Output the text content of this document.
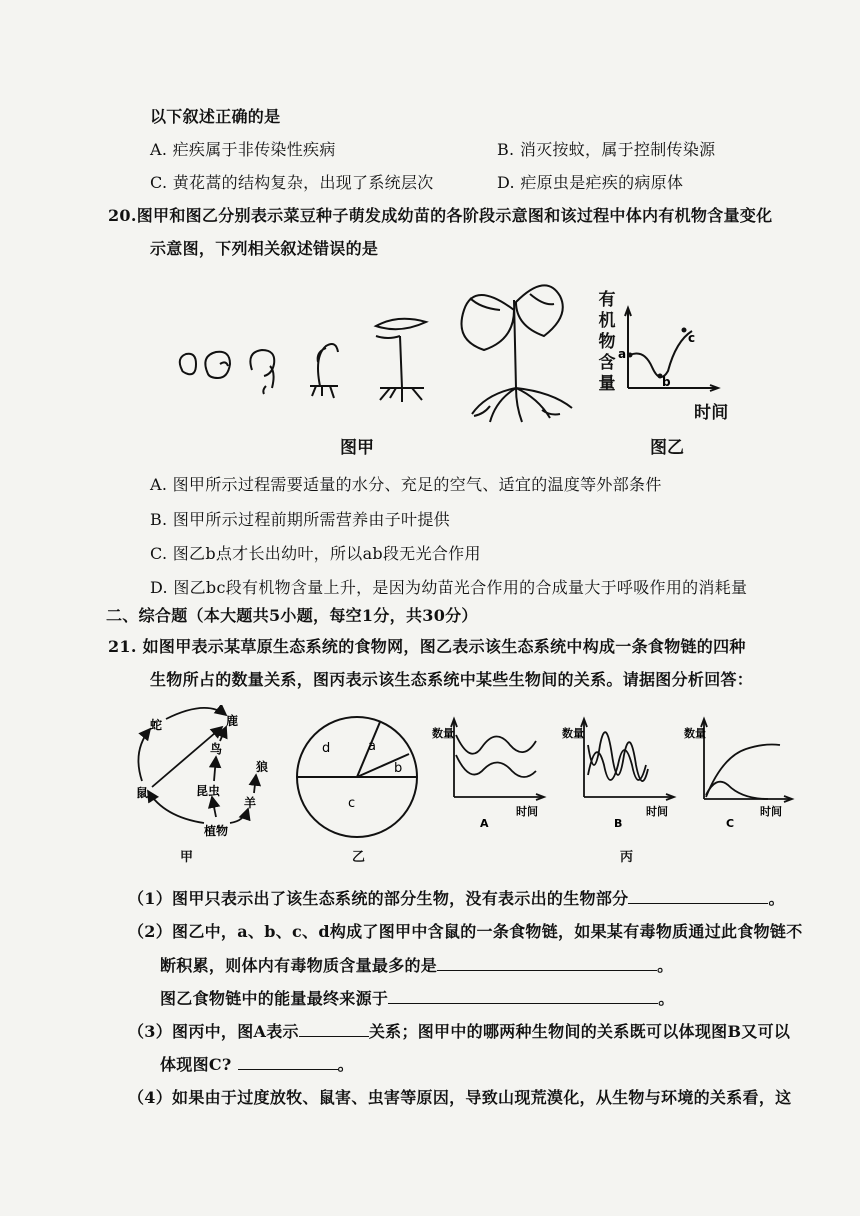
以下叙述正确的是
A. 疟疾属于非传染性疾病	B. 消灭按蚊，属于控制传染源
C. 黄花蒿的结构复杂，出现了系统层次	D. 疟原虫是疟疾的病原体
20.图甲和图乙分别表示菜豆种子萌发成幼苗的各阶段示意图和该过程中体内有机物含量变化
示意图，下列相关叙述错误的是
图甲
有
机
物
含
量
a
b
c
时间
图乙
A. 图甲所示过程需要适量的水分、充足的空气、适宜的温度等外部条件
B. 图甲所示过程前期所需营养由子叶提供
C. 图乙b点才长出幼叶，所以ab段无光合作用
D. 图乙bc段有机物含量上升，是因为幼苗光合作用的合成量大于呼吸作用的消耗量
二、综合题（本大题共5小题，每空1分，共30分）
21. 如图甲表示某草原生态系统的食物网，图乙表示该生态系统中构成一条食物链的四种
生物所占的数量关系，图丙表示该生态系统中某些生物间的关系。请据图分析回答：
蛇	鹿
鸟
狼
昆虫
鼠
羊
植物
甲
d	a
b
c
乙
数量
时间
A
数量
时间
B
数量
时间
C
丙
（1）图甲只表示出了该生态系统的部分生物，没有表示出的生物部分	。
（2）图乙中，a、b、c、d构成了图甲中含鼠的一条食物链，如果某有毒物质通过此食物链不
断积累，则体内有毒物质含量最多的是	。
图乙食物链中的能量最终来源于	。
（3）图丙中，图A表示	关系；图甲中的哪两种生物间的关系既可以体现图B又可以
体现图C?	。
（4）如果由于过度放牧、鼠害、虫害等原因，导致山现荒漠化，从生物与环境的关系看，这
